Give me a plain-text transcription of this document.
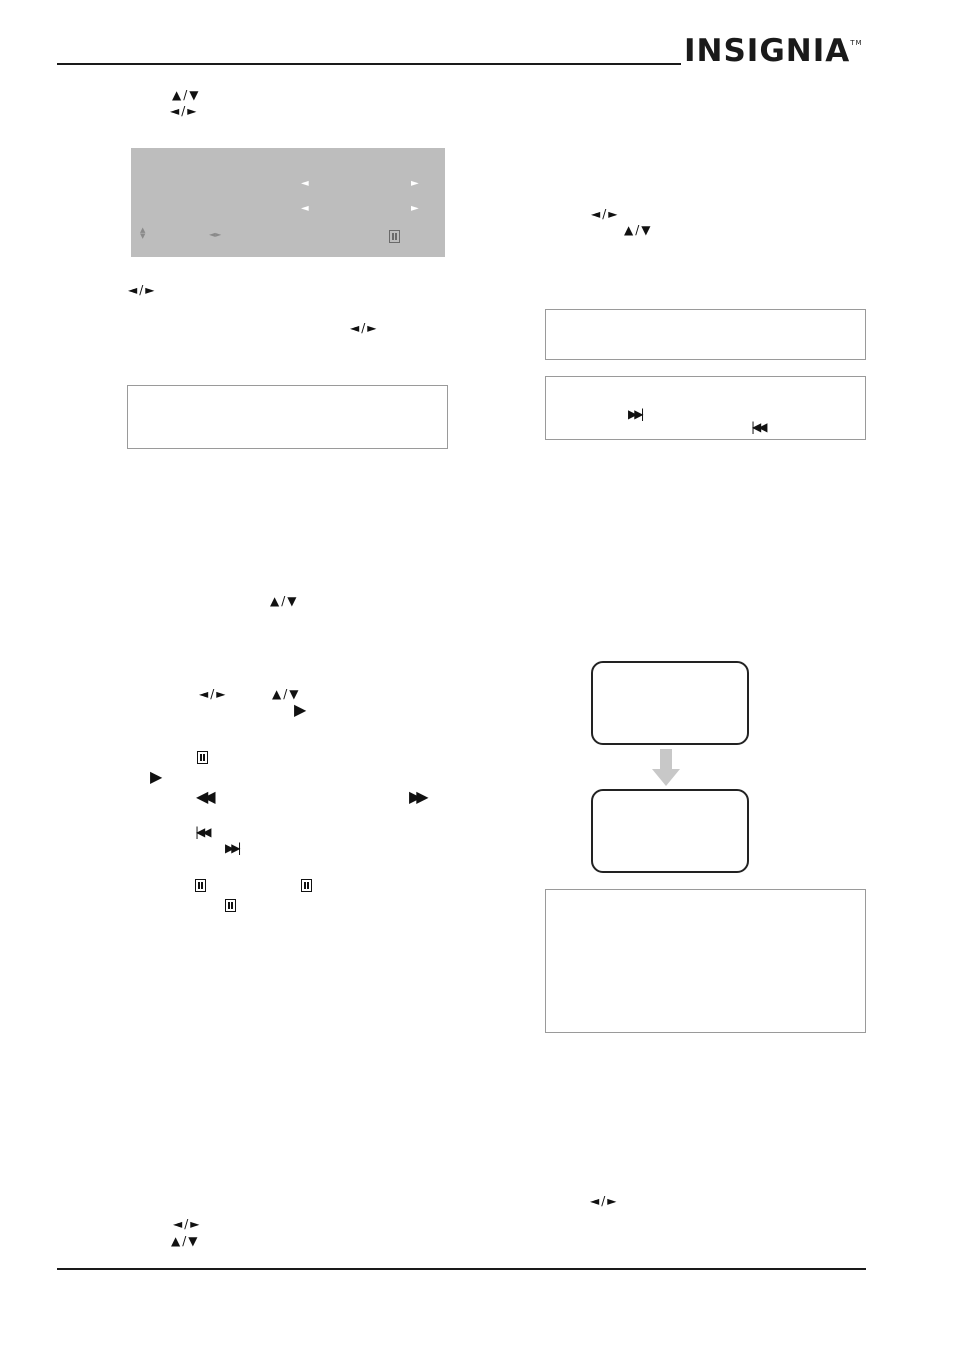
INSIGNIA™
▲ / ▼
◄ / ►
◄	►
◄	►
▲
▼	◄►
◄ / ►
◄ / ►
▲ / ▼
◄ / ►	▲ / ▼
▶
▶
◀◀	▶▶
|◀◀
▶▶|
◄ / ►
▲ / ▼
◄ / ►
▲ / ▼
▶▶|
|◀◀
◄ / ►
